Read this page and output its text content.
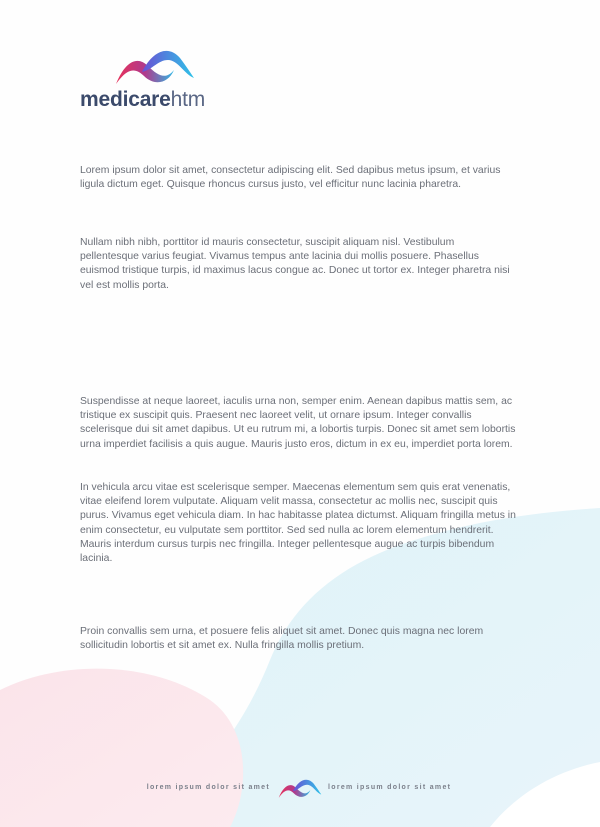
medicarehtm

Lorem ipsum dolor sit amet, consectetur adipiscing elit. Sed dapibus metus ipsum, et varius ligula dictum eget. Quisque rhoncus cursus justo, vel efficitur nunc lacinia pharetra.

Nullam nibh nibh, porttitor id mauris consectetur, suscipit aliquam nisl. Vestibulum pellentesque varius feugiat. Vivamus tempus ante lacinia dui mollis posuere. Phasellus euismod tristique turpis, id maximus lacus congue ac. Donec ut tortor ex. Integer pharetra nisi vel est mollis porta.

Suspendisse at neque laoreet, iaculis urna non, semper enim. Aenean dapibus mattis sem, ac tristique ex suscipit quis. Praesent nec laoreet velit, ut ornare ipsum. Integer convallis scelerisque dui sit amet dapibus. Ut eu rutrum mi, a lobortis turpis. Donec sit amet sem lobortis urna imperdiet facilisis a quis augue. Mauris justo eros, dictum in ex eu, imperdiet porta lorem.

In vehicula arcu vitae est scelerisque semper. Maecenas elementum sem quis erat venenatis, vitae eleifend lorem vulputate. Aliquam velit massa, consectetur ac mollis nec, suscipit quis purus. Vivamus eget vehicula diam. In hac habitasse platea dictumst. Aliquam fringilla metus in enim consectetur, eu vulputate sem porttitor. Sed sed nulla ac lorem elementum hendrerit. Mauris interdum cursus turpis nec fringilla. Integer pellentesque augue ac turpis bibendum lacinia.

Proin convallis sem urna, et posuere felis aliquet sit amet. Donec quis magna nec lorem sollicitudin lobortis et sit amet ex. Nulla fringilla mollis pretium.

lorem ipsum dolor sit amet	lorem ipsum dolor sit amet
